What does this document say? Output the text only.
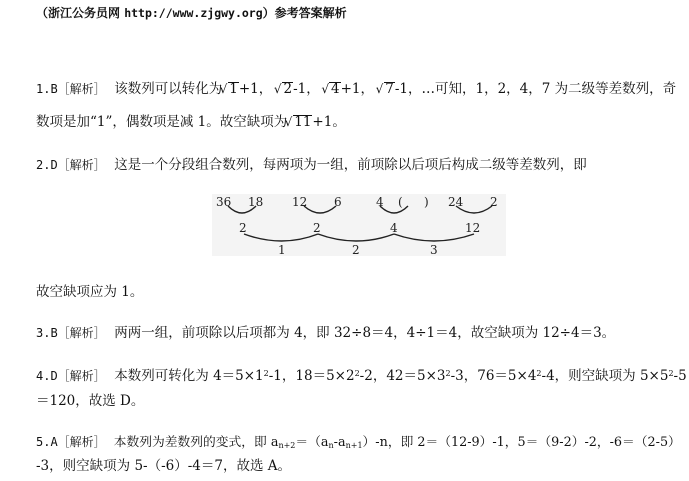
（浙江公务员网 http://www.zjgwy.org）参考答案解析
1.B［解析］ 该数列可以转化为 √ 1+1， √ 2-1， √ 4+1， √ 7-1，…可知，1，2，4，7 为二级等差数列，奇
数项是加“1”，偶数项是减 1。故空缺项为 √ 11+1。
2.D［解析］ 这是一个分段组合数列，每两项为一组，前项除以后项后构成二级等差数列，即
36 18 12 6	4 ( ) 24 2
2	2	4	12
1	2	3
故空缺项应为 1。
3.B［解析］ 两两一组，前项除以后项都为 4，即 32÷8＝4，4÷1＝4，故空缺项为 12÷4＝3。
4.D［解析］ 本数列可转化为 $4=5\times 1^2-1$，$18=5\times 2^2-2$，$42=5\times 3^2-3$，$76=5\times 4^2-4$，则空缺项为 $5\times 5^2-5$
＝120，故选 D。
5.A［解析］ 本数列为差数列的变式，即 $a_{n+2}=(a_n-a_{n+1})-n$，即 2＝（12-9）-1，5＝（9-2）-2，-6＝（2-5）
-3，则空缺项为 5-（-6）-4＝7，故选 A。
